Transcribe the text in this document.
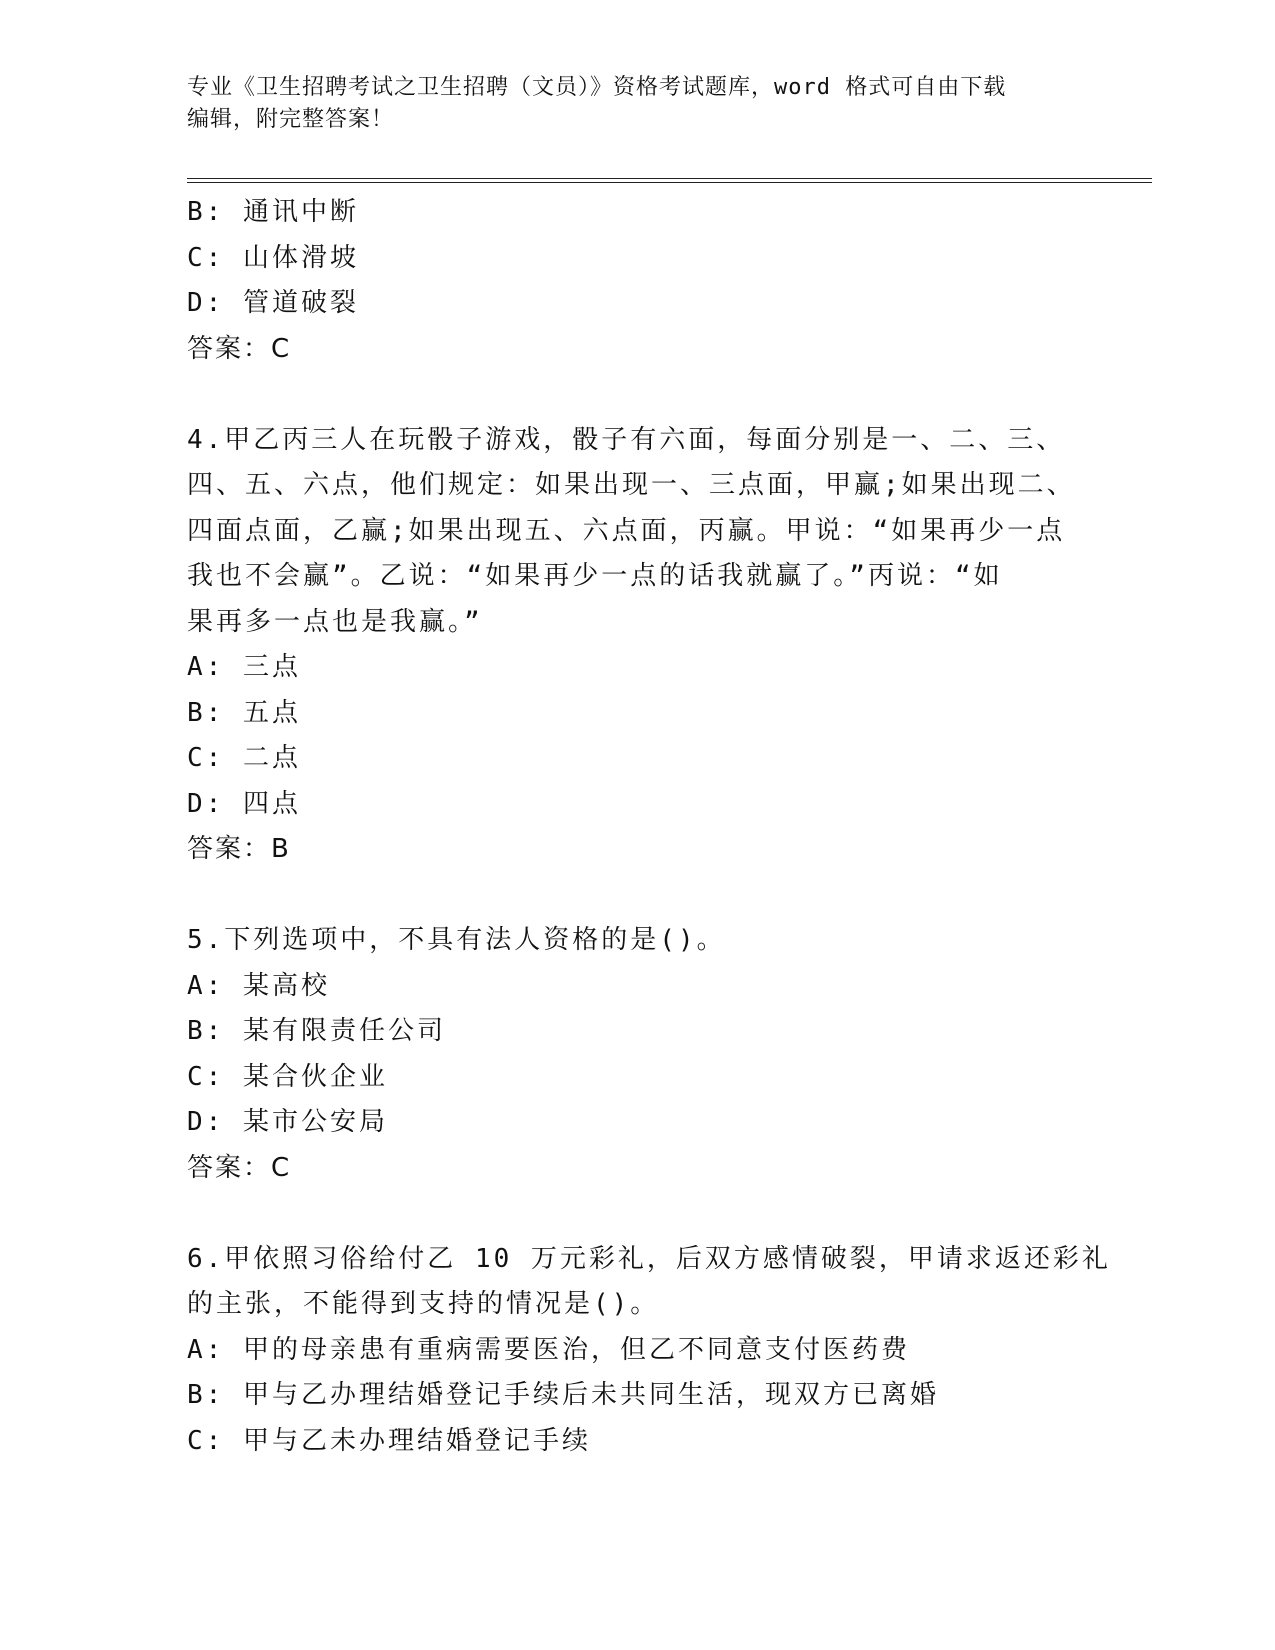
专业《卫生招聘考试之卫生招聘（文员）》资格考试题库，word 格式可自由下载
编辑，附完整答案！
B: 通讯中断
C: 山体滑坡
D: 管道破裂
答案：C
4.甲乙丙三人在玩骰子游戏，骰子有六面，每面分别是一、二、三、
四、五、六点，他们规定：如果出现一、三点面，甲赢;如果出现二、
四面点面，乙赢;如果出现五、六点面，丙赢。甲说：“如果再少一点
我也不会赢”。乙说：“如果再少一点的话我就赢了。”丙说：“如
果再多一点也是我赢。”
A: 三点
B: 五点
C: 二点
D: 四点
答案：B
5.下列选项中，不具有法人资格的是()。
A: 某高校
B: 某有限责任公司
C: 某合伙企业
D: 某市公安局
答案：C
6.甲依照习俗给付乙 10 万元彩礼，后双方感情破裂，甲请求返还彩礼
的主张，不能得到支持的情况是()。
A: 甲的母亲患有重病需要医治，但乙不同意支付医药费
B: 甲与乙办理结婚登记手续后未共同生活，现双方已离婚
C: 甲与乙未办理结婚登记手续
